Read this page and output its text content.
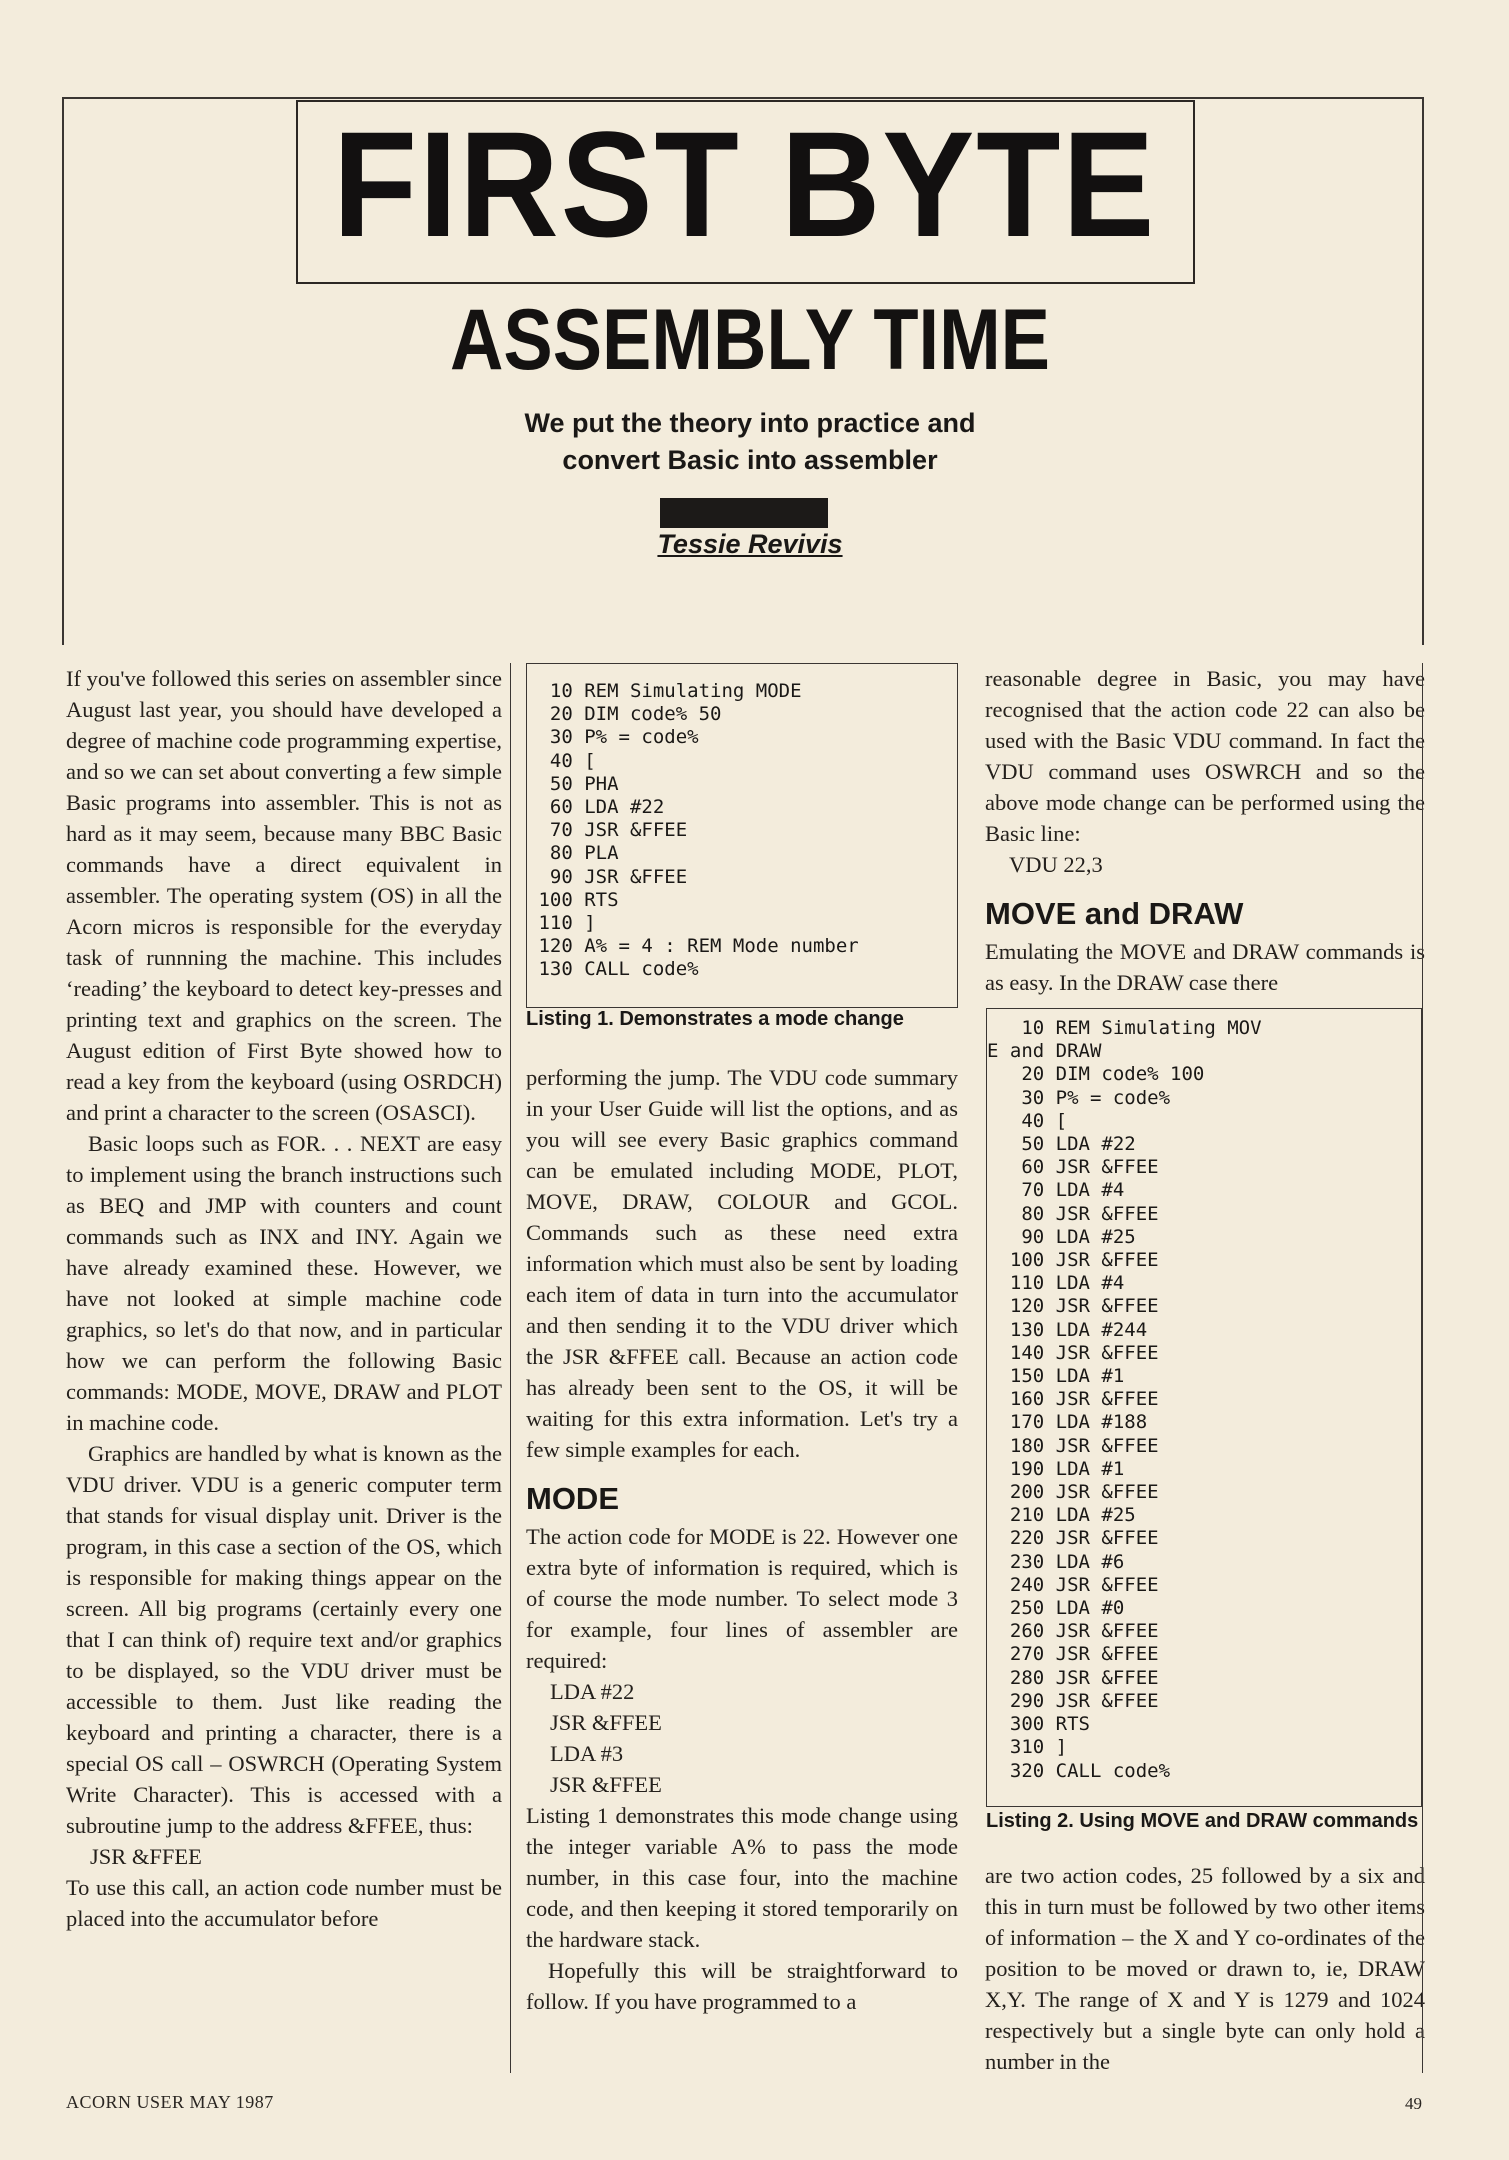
FIRST BYTE
ASSEMBLY TIME
We put the theory into practice and
convert Basic into assembler
Tessie Revivis

If you've followed this series on assembler since August last year, you should have developed a degree of machine code programming expertise, and so we can set about converting a few simple Basic programs into assembler. This is not as hard as it may seem, because many BBC Basic commands have a direct equivalent in assembler. The operating system (OS) in all the Acorn micros is responsible for the everyday task of runnning the machine. This includes ‘reading’ the keyboard to detect key-presses and printing text and graphics on the screen. The August edition of First Byte showed how to read a key from the keyboard (using OSRDCH) and print a character to the screen (OSASCI).

Basic loops such as FOR. . . NEXT are easy to implement using the branch instructions such as BEQ and JMP with counters and count commands such as INX and INY. Again we have already examined these. However, we have not looked at simple machine code graphics, so let's do that now, and in particular how we can perform the following Basic commands: MODE, MOVE, DRAW and PLOT in machine code.

Graphics are handled by what is known as the VDU driver. VDU is a generic computer term that stands for visual display unit. Driver is the program, in this case a section of the OS, which is responsible for making things appear on the screen. All big programs (certainly every one that I can think of) require text and/or graphics to be displayed, so the VDU driver must be accessible to them. Just like reading the keyboard and printing a character, there is a special OS call – OSWRCH (Operating System Write Character). This is accessed with a subroutine jump to the address &FFEE, thus:

JSR &FFEE

To use this call, an action code number must be placed into the accumulator before

10 REM Simulating MODE
20 DIM code% 50
30 P% = code%
40 [
50 PHA
60 LDA #22
70 JSR &FFEE
80 PLA
90 JSR &FFEE
100 RTS
110 ]
120 A% = 4 : REM Mode number
130 CALL code%
Listing 1. Demonstrates a mode change

performing the jump. The VDU code summary in your User Guide will list the options, and as you will see every Basic graphics command can be emulated including MODE, PLOT, MOVE, DRAW, COLOUR and GCOL. Commands such as these need extra information which must also be sent by loading each item of data in turn into the accumulator and then sending it to the VDU driver which the JSR &FFEE call. Because an action code has already been sent to the OS, it will be waiting for this extra information. Let's try a few simple examples for each.

MODE

The action code for MODE is 22. However one extra byte of information is required, which is of course the mode number. To select mode 3 for example, four lines of assembler are required:

LDA #22

JSR &FFEE

LDA #3

JSR &FFEE

Listing 1 demonstrates this mode change using the integer variable A% to pass the mode number, in this case four, into the machine code, and then keeping it stored temporarily on the hardware stack.

Hopefully this will be straightforward to follow. If you have programmed to a

reasonable degree in Basic, you may have recognised that the action code 22 can also be used with the Basic VDU command. In fact the VDU command uses OSWRCH and so the above mode change can be performed using the Basic line:

VDU 22,3

MOVE and DRAW

Emulating the MOVE and DRAW commands is as easy. In the DRAW case there

10 REM Simulating MOV
E and DRAW
20 DIM code% 100
30 P% = code%
40 [
50 LDA #22
60 JSR &FFEE
70 LDA #4
80 JSR &FFEE
90 LDA #25
100 JSR &FFEE
110 LDA #4
120 JSR &FFEE
130 LDA #244
140 JSR &FFEE
150 LDA #1
160 JSR &FFEE
170 LDA #188
180 JSR &FFEE
190 LDA #1
200 JSR &FFEE
210 LDA #25
220 JSR &FFEE
230 LDA #6
240 JSR &FFEE
250 LDA #0
260 JSR &FFEE
270 JSR &FFEE
280 JSR &FFEE
290 JSR &FFEE
300 RTS
310 ]
320 CALL code%
Listing 2. Using MOVE and DRAW commands

are two action codes, 25 followed by a six and this in turn must be followed by two other items of information – the X and Y co-ordinates of the position to be moved or drawn to, ie, DRAW X,Y. The range of X and Y is 1279 and 1024 respectively but a single byte can only hold a number in the

ACORN USER MAY 1987	49
